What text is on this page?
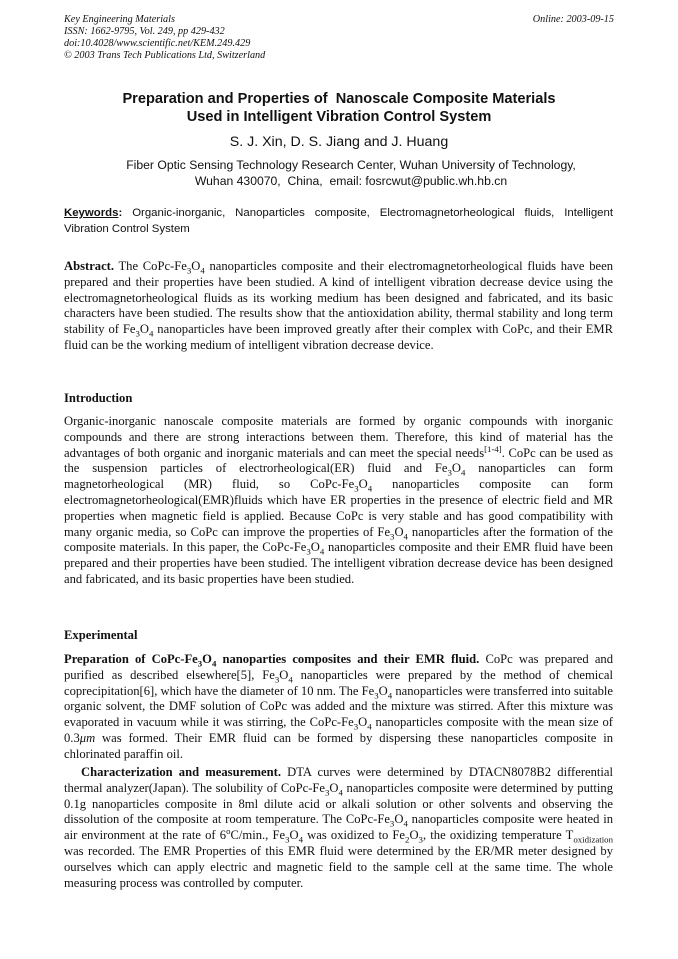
Key Engineering Materials
ISSN: 1662-9795, Vol. 249, pp 429-432
doi:10.4028/www.scientific.net/KEM.249.429
© 2003 Trans Tech Publications Ltd, Switzerland
Online: 2003-09-15
Preparation and Properties of  Nanoscale Composite Materials
Used in Intelligent Vibration Control System
S. J. Xin, D. S. Jiang and J. Huang
Fiber Optic Sensing Technology Research Center, Wuhan University of Technology,
Wuhan 430070,  China,  email: fosrcwut@public.wh.hb.cn
Keywords: Organic-inorganic, Nanoparticles composite, Electromagnetorheological fluids, Intelligent Vibration Control System
Abstract. The CoPc-$Fe_3O_4$ nanoparticles composite and their electromagnetorheological fluids have been prepared and their properties have been studied. A kind of intelligent vibration decrease device using the electromagnetorheological fluids as its working medium has been designed and fabricated, and its basic characters have been studied. The results show that the antioxidation ability, thermal stability and long term stability of $Fe_3O_4$ nanoparticles have been improved greatly after their complex with CoPc, and their EMR fluid can be the working medium of intelligent vibration decrease device.
Introduction
Organic-inorganic nanoscale composite materials are formed by organic compounds with inorganic compounds and there are strong interactions between them. Therefore, this kind of material has the advantages of both organic and inorganic materials and can meet the special needs[1-4]. CoPc can be used as the suspension particles of electrorheological(ER) fluid and $Fe_3O_4$ nanoparticles can form magnetorheological (MR) fluid, so CoPc-$Fe_3O_4$ nanoparticles composite can form electromagnetorheological(EMR)fluids which have ER properties in the presence of electric field and MR properties when magnetic field is applied. Because CoPc is very stable and has good compatibility with many organic media, so CoPc can improve the properties of $Fe_3O_4$ nanoparticles after the formation of the composite materials. In this paper, the CoPc-$Fe_3O_4$ nanoparticles composite and their EMR fluid have been prepared and their properties have been studied. The intelligent vibration decrease device has been designed and fabricated, and its basic properties have been studied.
Experimental
Preparation of CoPc-$Fe_3O_4$ nanoparties composites and their EMR fluid. CoPc was prepared and purified as described elsewhere[5], $Fe_3O_4$ nanoparticles were prepared by the method of chemical coprecipitation[6], which have the diameter of 10 nm. The $Fe_3O_4$ nanoparticles were transferred into suitable organic solvent, the DMF solution of CoPc was added and the mixture was stirred. After this mixture was evaporated in vacuum while it was stirring, the CoPc-$Fe_3O_4$ nanoparticles composite with the mean size of 0.3μm was formed. Their EMR fluid can be formed by dispersing these nanoparticles composite in chlorinated paraffin oil.
Characterization and measurement. DTA curves were determined by DTACN8078B2 differential thermal analyzer(Japan). The solubility of CoPc-$Fe_3O_4$ nanoparticles composite were determined by putting 0.1g nanoparticles composite in 8ml dilute acid or alkali solution or other solvents and observing the dissolution of the composite at room temperature. The CoPc-$Fe_3O_4$ nanoparticles composite were heated in air environment at the rate of 6$^o$C/min., $Fe_3O_4$ was oxidized to $Fe_2O_3$, the oxidizing temperature $T_{oxidization}$ was recorded. The EMR Properties of this EMR fluid were determined by the ER/MR meter designed by ourselves which can apply electric and magnetic field to the sample cell at the same time. The whole measuring process was controlled by computer.
